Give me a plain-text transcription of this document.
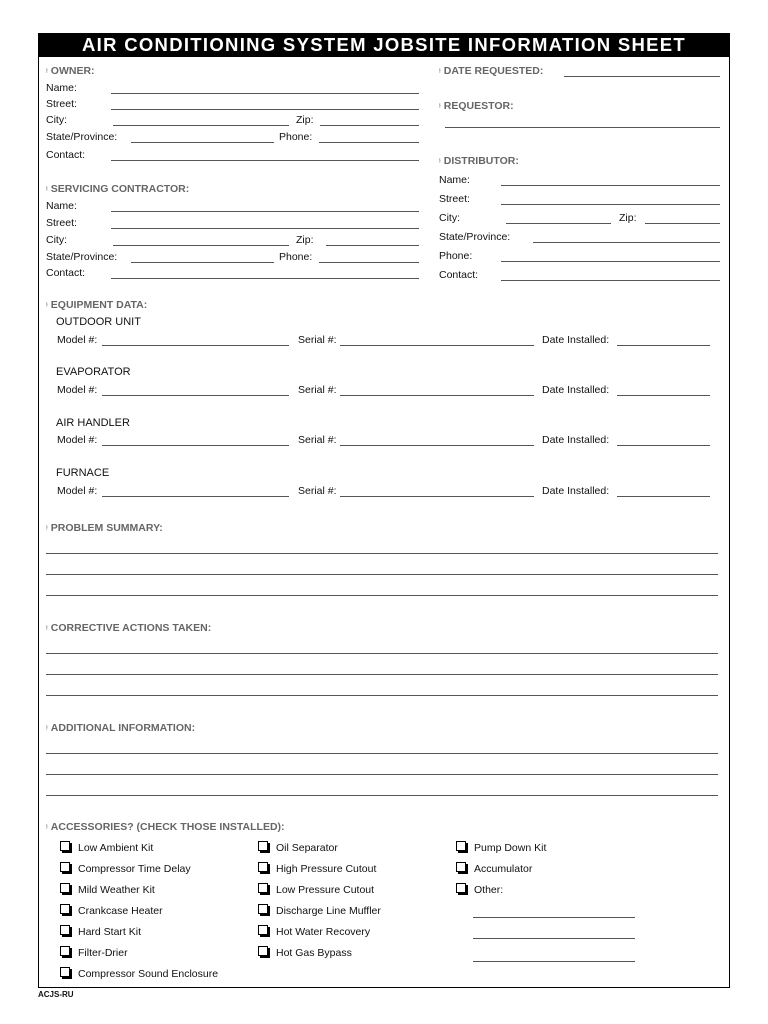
AIR CONDITIONING SYSTEM JOBSITE INFORMATION SHEET
⫮ OWNER:
Name:
Street:
City:	Zip:
State/Province:	Phone:
Contact:
⫮ DATE REQUESTED:
⫮ REQUESTOR:
⫮ DISTRIBUTOR:
Name:
Street:
City:	Zip:
State/Province:
Phone:
Contact:
⫮ SERVICING CONTRACTOR:
Name:
Street:
City:	Zip:
State/Province:	Phone:
Contact:
⫮ EQUIPMENT DATA:
OUTDOOR UNIT
Model #:	Serial #:	Date Installed:
EVAPORATOR
Model #:	Serial #:	Date Installed:
AIR HANDLER
Model #:	Serial #:	Date Installed:
FURNACE
Model #:	Serial #:	Date Installed:
⫮ PROBLEM SUMMARY:
⫮ CORRECTIVE ACTIONS TAKEN:
⫮ ADDITIONAL INFORMATION:
⫮ ACCESSORIES? (CHECK THOSE INSTALLED):
Low Ambient Kit
Compressor Time Delay
Mild Weather Kit
Crankcase Heater
Hard Start Kit
Filter-Drier
Compressor Sound Enclosure
Oil Separator
High Pressure Cutout
Low Pressure Cutout
Discharge Line Muffler
Hot Water Recovery
Hot Gas Bypass
Pump Down Kit
Accumulator
Other:
ACJS-RU
